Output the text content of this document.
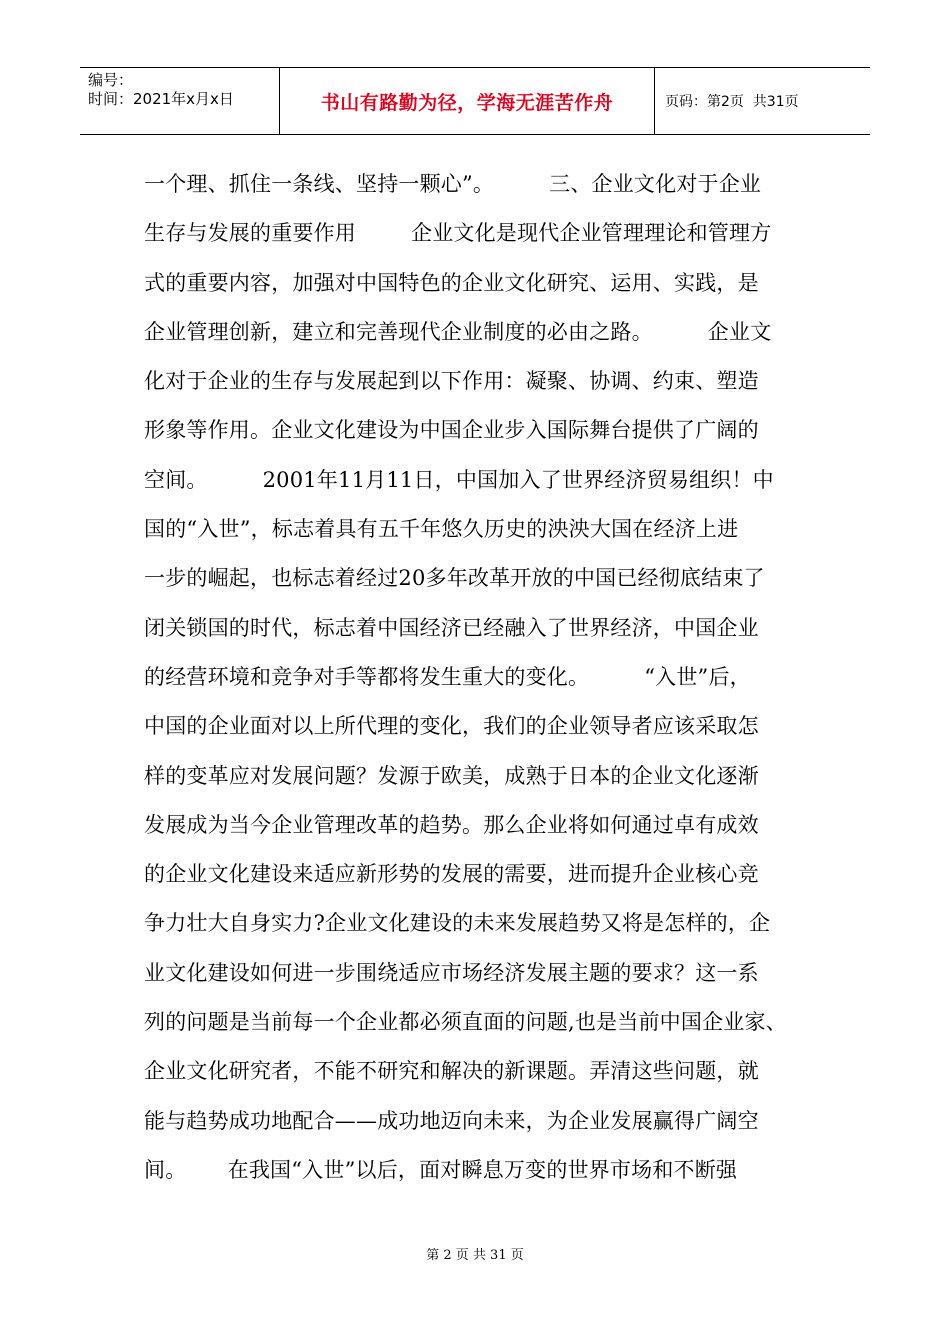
编号：
时间：2021年x月x日	书山有路勤为径，学海无涯苦作舟	页码：第2页  共31页
一个理、抓住一条线、坚持一颗心”。        三、企业文化对于企业
生存与发展的重要作用        企业文化是现代企业管理理论和管理方
式的重要内容，加强对中国特色的企业文化研究、运用、实践，是
企业管理创新，建立和完善现代企业制度的必由之路。        企业文
化对于企业的生存与发展起到以下作用：凝聚、协调、约束、塑造
形象等作用。企业文化建设为中国企业步入国际舞台提供了广阔的
空间。        2001年11月11日，中国加入了世界经济贸易组织！中
国的“入世”，标志着具有五千年悠久历史的泱泱大国在经济上进
一步的崛起，也标志着经过20多年改革开放的中国已经彻底结束了
闭关锁国的时代，标志着中国经济已经融入了世界经济，中国企业
的经营环境和竞争对手等都将发生重大的变化。        “入世”后，
中国的企业面对以上所代理的变化，我们的企业领导者应该采取怎
样的变革应对发展问题？发源于欧美，成熟于日本的企业文化逐渐
发展成为当今企业管理改革的趋势。那么企业将如何通过卓有成效
的企业文化建设来适应新形势的发展的需要，进而提升企业核心竞
争力壮大自身实力?企业文化建设的未来发展趋势又将是怎样的，企
业文化建设如何进一步围绕适应市场经济发展主题的要求？这一系
列的问题是当前每一个企业都必须直面的问题,也是当前中国企业家、
企业文化研究者，不能不研究和解决的新课题。弄清这些问题，就
能与趋势成功地配合——成功地迈向未来，为企业发展赢得广阔空
间。      在我国“入世”以后，面对瞬息万变的世界市场和不断强
第 2 页 共 31 页
